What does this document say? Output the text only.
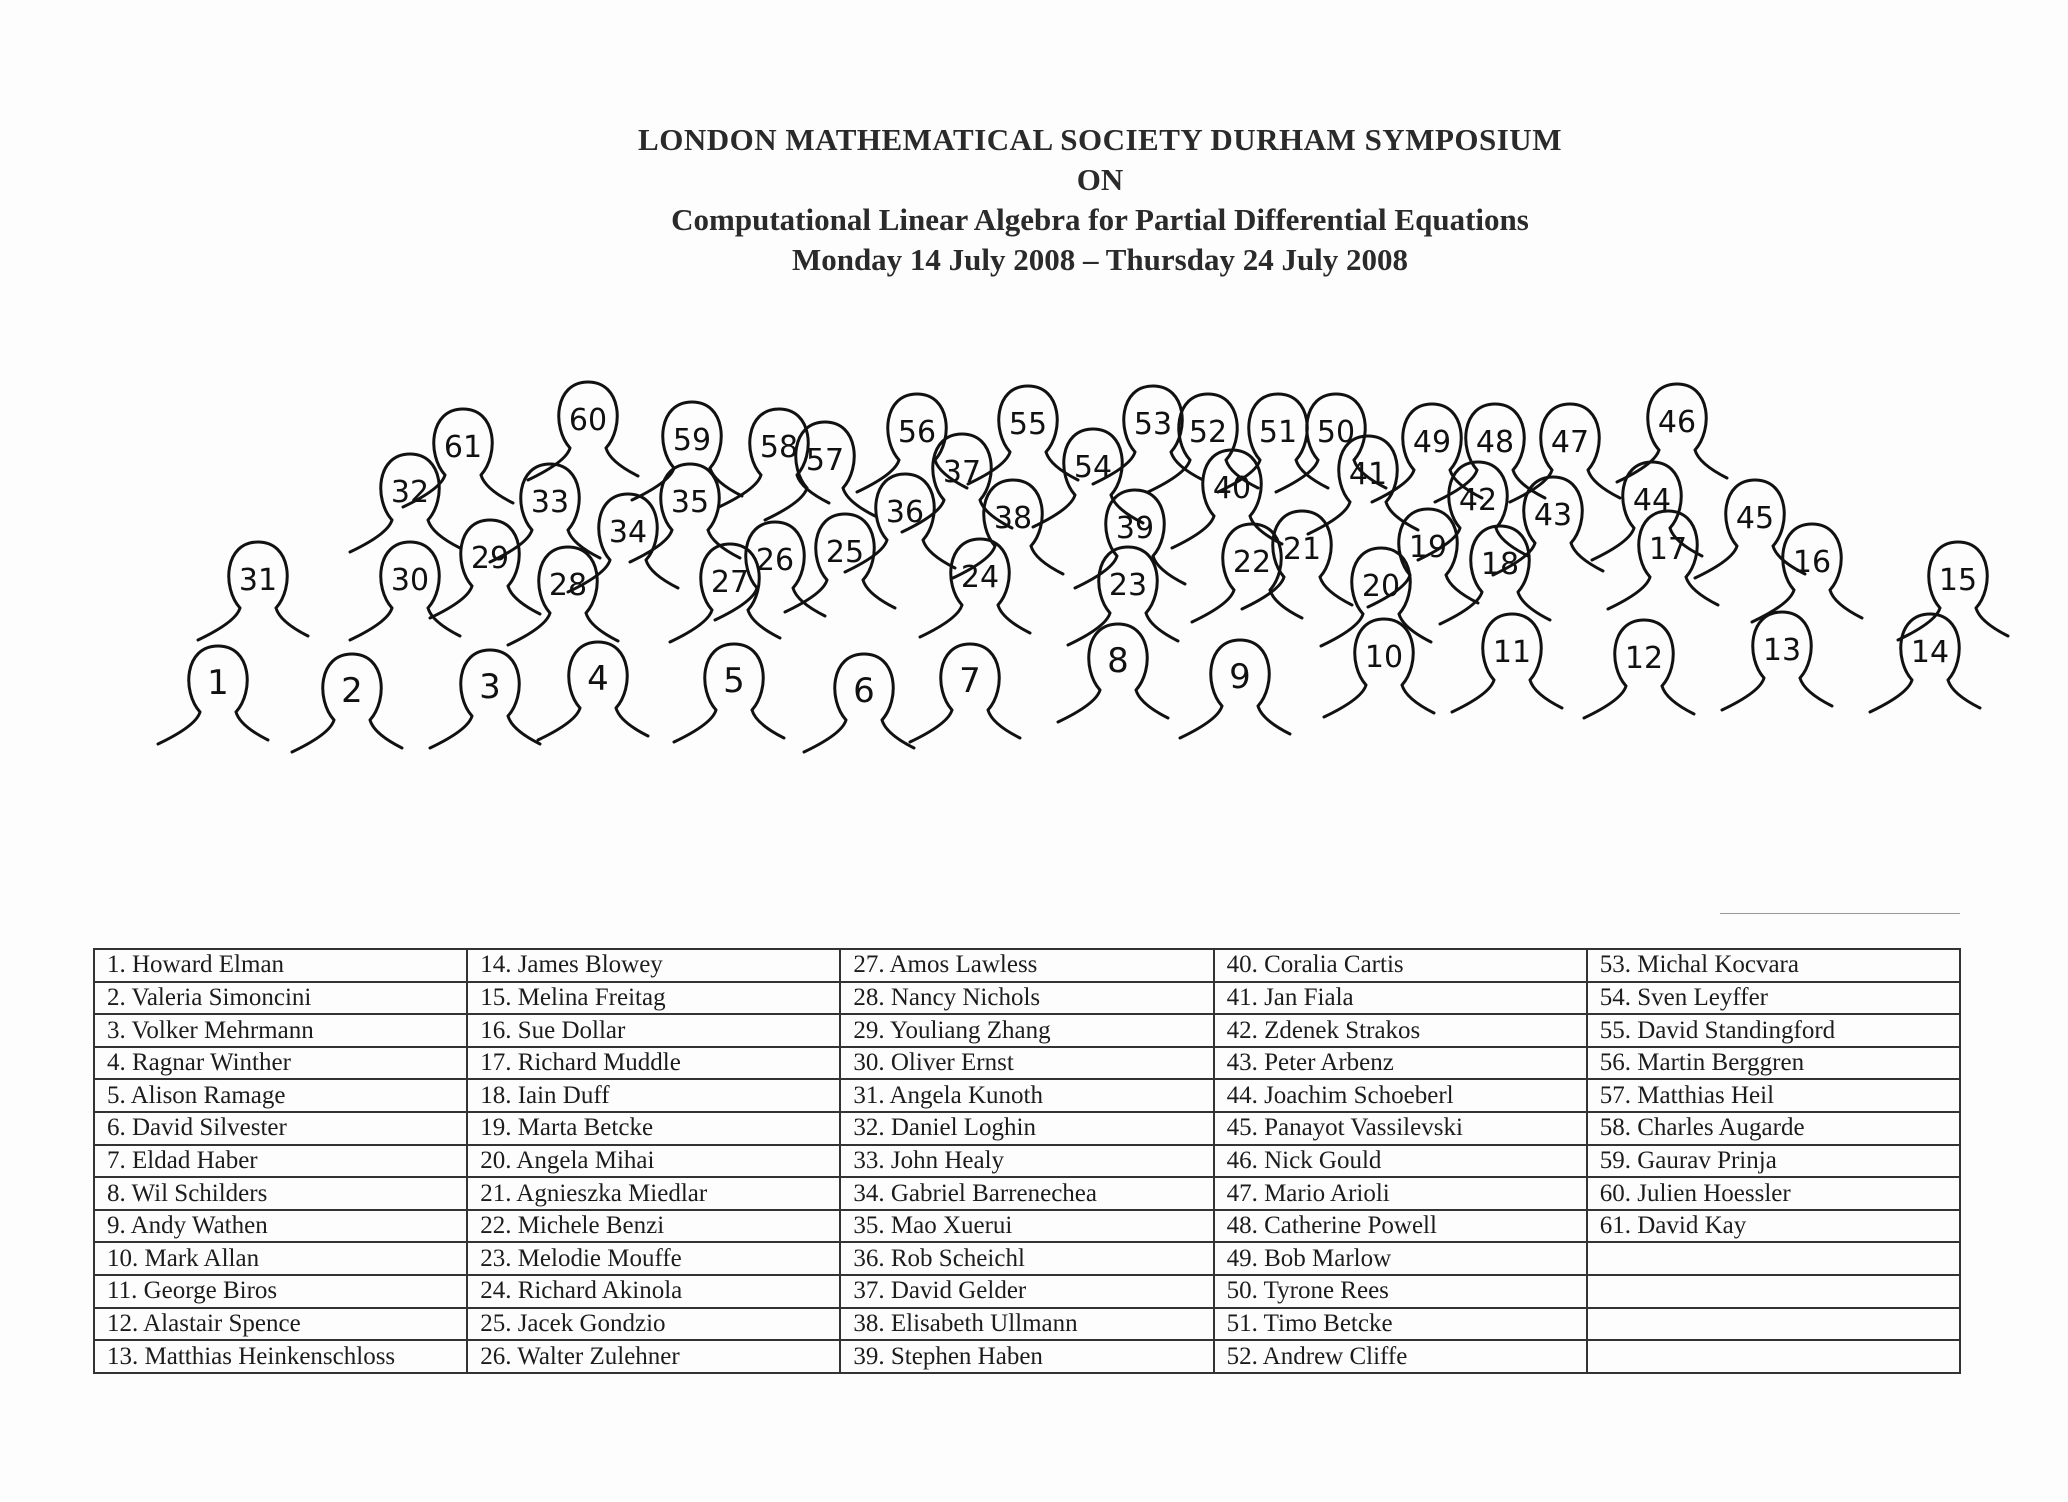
LONDON MATHEMATICAL SOCIETY DURHAM SYMPOSIUM
ON
Computational Linear Algebra for Partial Differential Equations
Monday 14 July 2008 – Thursday 24 July 2008
1	2	3	4	5	6 7	8	9	10	11	12	13	14
15
16
17
18
19
20
21
22
23
24
25
26
27
28
29
30
31
32	33
34
35	36
37
38	39
40	41
42 43 44
45
46
47
48
49
50
51
52
53
54
55
56
57
58
59
60
61
1. Howard Elman	14. James Blowey	27. Amos Lawless	40. Coralia Cartis	53. Michal Kocvara
2. Valeria Simoncini	15. Melina Freitag	28. Nancy Nichols	41. Jan Fiala	54. Sven Leyffer
3. Volker Mehrmann	16. Sue Dollar	29. Youliang Zhang	42. Zdenek Strakos	55. David Standingford
4. Ragnar Winther	17. Richard Muddle	30. Oliver Ernst	43. Peter Arbenz	56. Martin Berggren
5. Alison Ramage	18. Iain Duff	31. Angela Kunoth	44. Joachim Schoeberl	57. Matthias Heil
6. David Silvester	19. Marta Betcke	32. Daniel Loghin	45. Panayot Vassilevski	58. Charles Augarde
7. Eldad Haber	20. Angela Mihai	33. John Healy	46. Nick Gould	59. Gaurav Prinja
8. Wil Schilders	21. Agnieszka Miedlar	34. Gabriel Barrenechea	47. Mario Arioli	60. Julien Hoessler
9. Andy Wathen	22. Michele Benzi	35. Mao Xuerui	48. Catherine Powell	61. David Kay
10. Mark Allan	23. Melodie Mouffe	36. Rob Scheichl	49. Bob Marlow	
11. George Biros	24. Richard Akinola	37. David Gelder	50. Tyrone Rees	
12. Alastair Spence	25. Jacek Gondzio	38. Elisabeth Ullmann	51. Timo Betcke	
13. Matthias Heinkenschloss	26. Walter Zulehner	39. Stephen Haben	52. Andrew Cliffe	
